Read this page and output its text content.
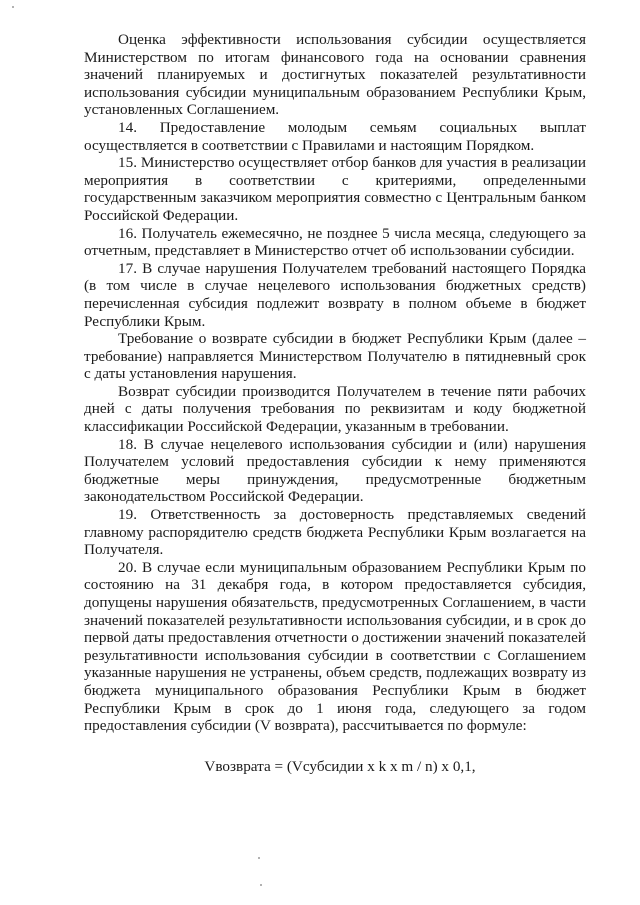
Оценка эффективности использования субсидии осуществляется Министерством по итогам финансового года на основании сравнения значений планируемых и достигнутых показателей результативности использования субсидии муниципальным образованием Республики Крым, установленных Соглашением.

14. Предоставление молодым семьям социальных выплат осуществляется в соответствии с Правилами и настоящим Порядком.

15. Министерство осуществляет отбор банков для участия в реализации мероприятия в соответствии с критериями, определенными государственным заказчиком мероприятия совместно с Центральным банком Российской Федерации.

16. Получатель ежемесячно, не позднее 5 числа месяца, следующего за отчетным, представляет в Министерство отчет об использовании субсидии.

17. В случае нарушения Получателем требований настоящего Порядка (в том числе в случае нецелевого использования бюджетных средств) перечисленная субсидия подлежит возврату в полном объеме в бюджет Республики Крым.

Требование о возврате субсидии в бюджет Республики Крым (далее – требование) направляется Министерством Получателю в пятидневный срок с даты установления нарушения.

Возврат субсидии производится Получателем в течение пяти рабочих дней с даты получения требования по реквизитам и коду бюджетной классификации Российской Федерации, указанным в требовании.

18. В случае нецелевого использования субсидии и (или) нарушения Получателем условий предоставления субсидии к нему применяются бюджетные меры принуждения, предусмотренные бюджетным законодательством Российской Федерации.

19. Ответственность за достоверность представляемых сведений главному распорядителю средств бюджета Республики Крым возлагается на Получателя.

20. В случае если муниципальным образованием Республики Крым по состоянию на 31 декабря года, в котором предоставляется субсидия, допущены нарушения обязательств, предусмотренных Соглашением, в части значений показателей результативности использования субсидии, и в срок до первой даты предоставления отчетности о достижении значений показателей результативности использования субсидии в соответствии с Соглашением указанные нарушения не устранены, объем средств, подлежащих возврату из бюджета муниципального образования Республики Крым в бюджет Республики Крым в срок до 1 июня года, следующего за годом предоставления субсидии (V возврата), рассчитывается по формуле:

Vвозврата = (Vсубсидии x k x m / n) x 0,1,
